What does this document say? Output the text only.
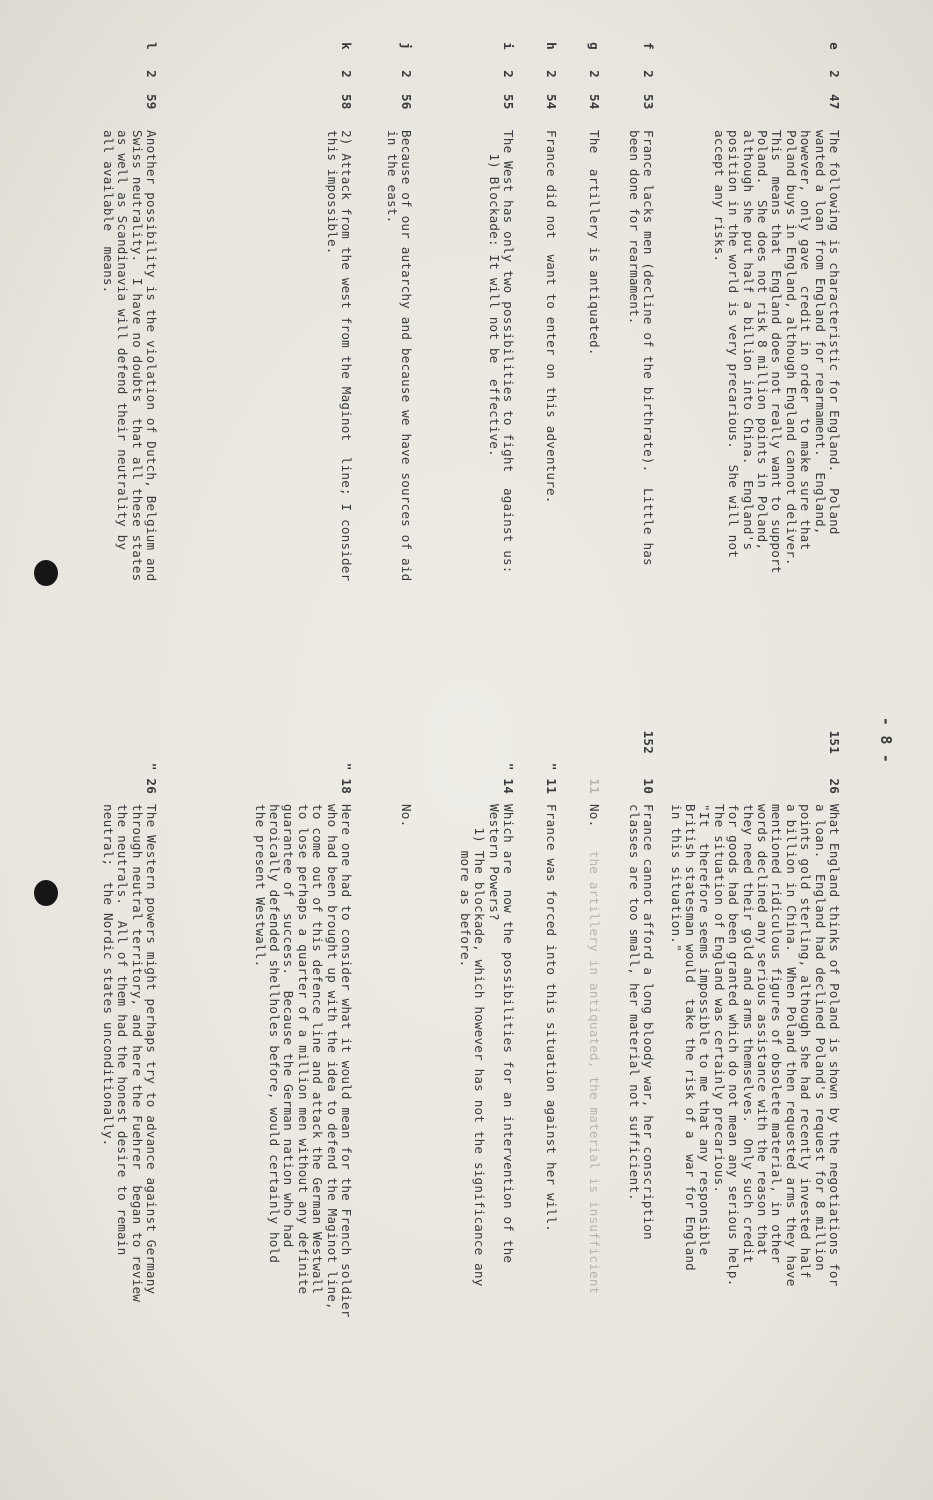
- 8 -
e
2
47
The following is characteristic for England.  Poland
wanted a loan from England for rearmament.  England,
however, only gave  credit in order  to make sure that
Poland buys in England, although England cannot deliver.
This  means that  England does not really want to support
Poland.  She does not risk 8 million points in Poland,
although she put half a billion into China.  England's
position in the world is very precarious.  She will not
accept any risks.
151
26
What England thinks of Poland is shown by the negotiations for
a loan.  England had declined Poland's request for 8 million
points gold sterling, although she had recently invested half
a billion in China.  When Poland then requested arms they have
mentioned ridiculous figures of obsolete material, in other
words declined any serious assistance with the reason that
they need their gold and arms themselves.  Only such credit
for goods had been granted which do not mean any serious help.
The situation of England was certainly precarious.
"It  therefore seems impossible to me that any responsible
British statesman would  take the risk of a  war for England
in this situation."
f
2
53
France lacks men (decline of the birthrate).  Little has
been done for rearmament.
152
10
France cannot afford a long bloody war, her conscription
classes are too small, her material not sufficient.
g
2
54
The  artillery is antiquated.
11
No.   the artillery in antiquated, the material is insufficient
h
2
54
France did not  want to enter on this adventure.
" 11
France was forced into this situation against her will.
i
2
55
The West has only two possibilities to fight  against us:
1) Blockade: It will not be  effective.
" 14
Which are  now the possibilities for an intervention of the
Western Powers?
1) The blockade, which however has not the significance any
more as before.
j
2
56
Because of our autarchy and because we have sources of aid
in the east.
No.
k
2
58
2) Attack from the west from the Maginot  line; I consider
this impossible.
" 18
Here one had to consider what it would mean for the French soldier
who had been brought up with the idea to defend the Maginot line,
to come out of this defence line and attack the German Westwall
to lose perhaps a quarter of a million men without any definite
guarantee of  success.  Because the German nation who had
heroically defended shellholes before, would certainly hold
the present Westwall.
l
2
59
Another possibility is the violation of Dutch, Belgium and
Swiss neutrality.  I have no doubts  that all these states
as well as Scandinavia will defend their neutrality by
all available  means.
" 26
The Western powers might perhaps try to advance against Germany
through neutral territory, and here the Fuehrer  began to review
the neutrals.  All of them had the honest desire to remain
neutral;  the Nordic states unconditionally.
